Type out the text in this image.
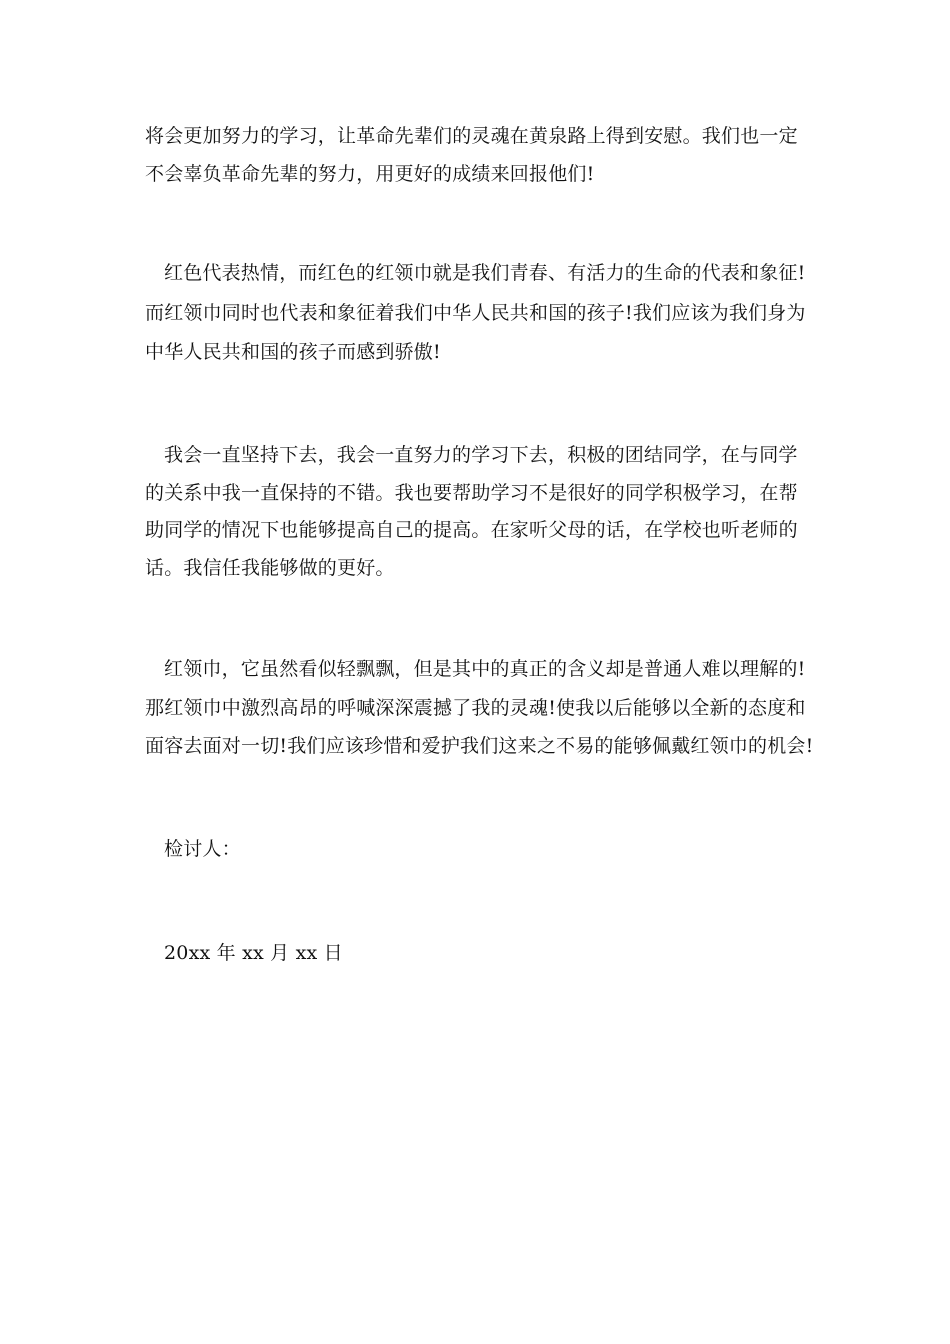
将会更加努力的学习，让革命先辈们的灵魂在黄泉路上得到安慰。我们也一定
不会辜负革命先辈的努力，用更好的成绩来回报他们!
红色代表热情，而红色的红领巾就是我们青春、有活力的生命的代表和象征!
而红领巾同时也代表和象征着我们中华人民共和国的孩子!我们应该为我们身为
中华人民共和国的孩子而感到骄傲!
我会一直坚持下去，我会一直努力的学习下去，积极的团结同学，在与同学
的关系中我一直保持的不错。我也要帮助学习不是很好的同学积极学习，在帮
助同学的情况下也能够提高自己的提高。在家听父母的话，在学校也听老师的
话。我信任我能够做的更好。
红领巾，它虽然看似轻飘飘，但是其中的真正的含义却是普通人难以理解的!
那红领巾中激烈高昂的呼喊深深震撼了我的灵魂!使我以后能够以全新的态度和
面容去面对一切!我们应该珍惜和爱护我们这来之不易的能够佩戴红领巾的机会!
检讨人：
20xx 年 xx 月 xx 日
